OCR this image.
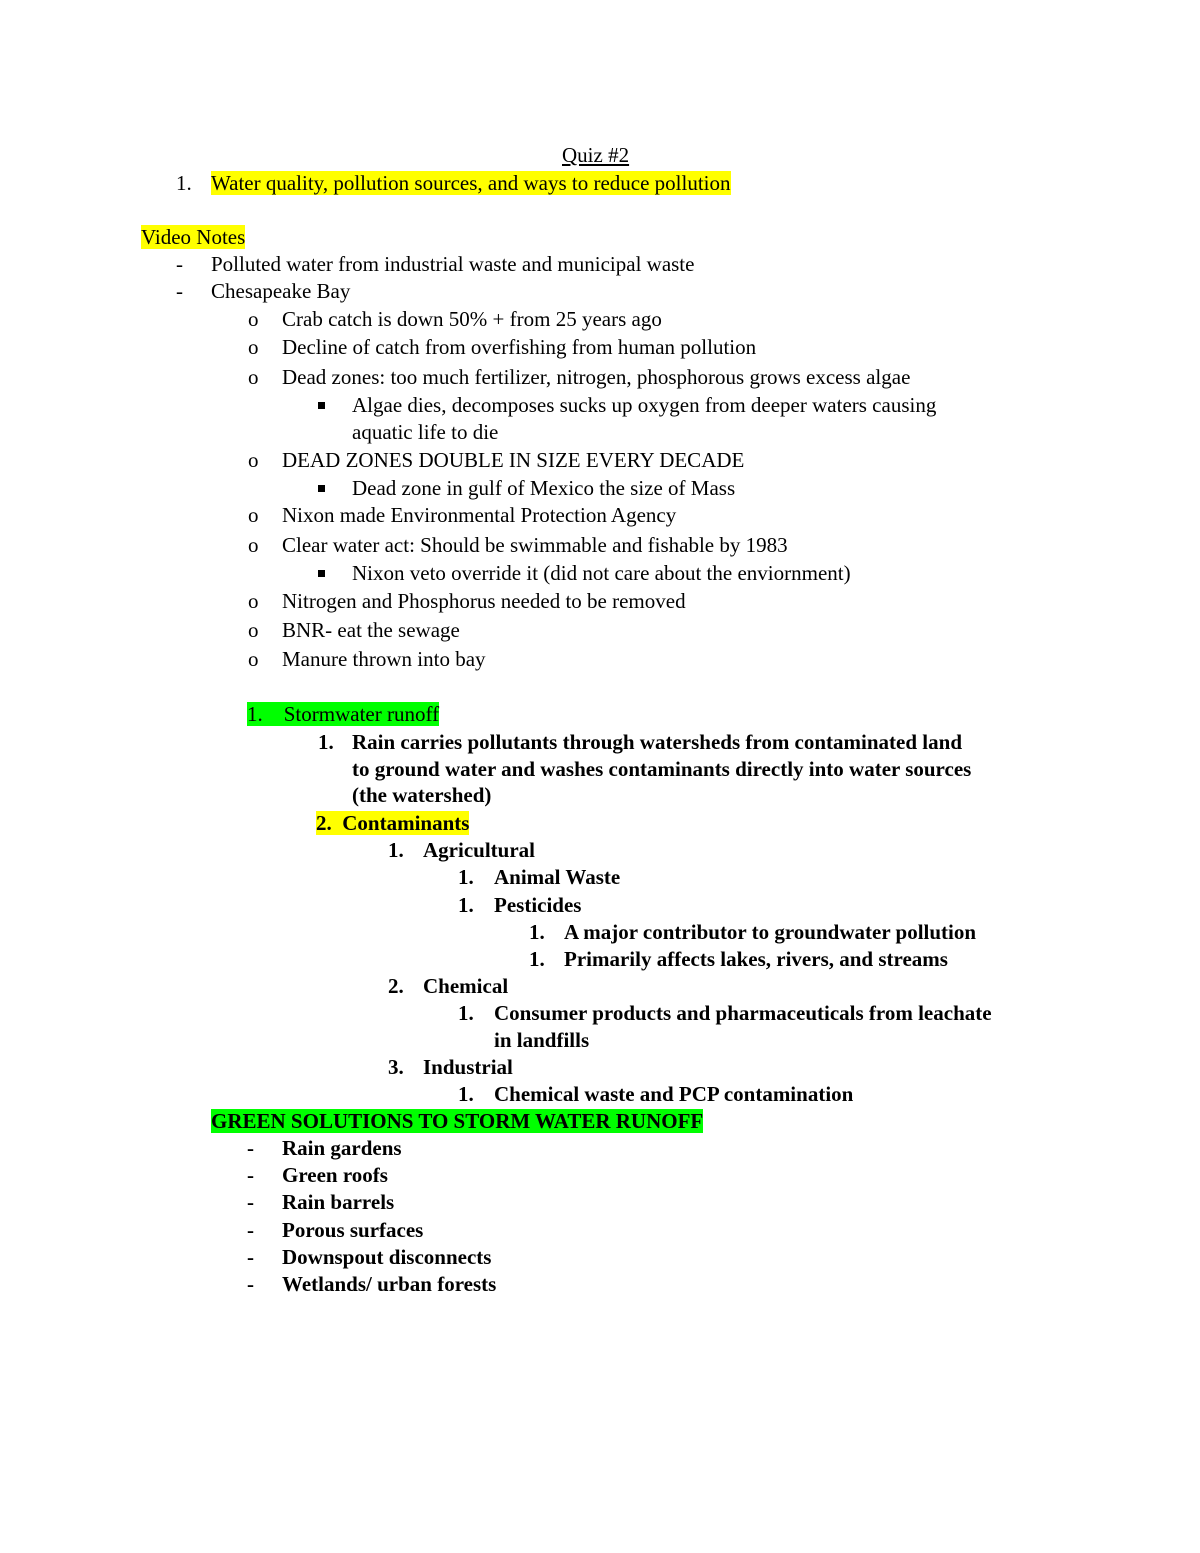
Quiz #2
1. Water quality, pollution sources, and ways to reduce pollution
Video Notes
- Polluted water from industrial waste and municipal waste
- Chesapeake Bay
o Crab catch is down 50% + from 25 years ago
o Decline of catch from overfishing from human pollution
o Dead zones: too much fertilizer, nitrogen, phosphorous grows excess algae
Algae dies, decomposes sucks up oxygen from deeper waters causing
aquatic life to die
o DEAD ZONES DOUBLE IN SIZE EVERY DECADE
Dead zone in gulf of Mexico the size of Mass
o Nixon made Environmental Protection Agency
o Clear water act: Should be swimmable and fishable by 1983
Nixon veto override it (did not care about the enviornment)
o Nitrogen and Phosphorus needed to be removed
o BNR- eat the sewage
o Manure thrown into bay
1. Stormwater runoff
1. Rain carries pollutants through watersheds from contaminated land
to ground water and washes contaminants directly into water sources
(the watershed)
2. Contaminants
1. Agricultural
1. Animal Waste
1. Pesticides
1. A major contributor to groundwater pollution
1. Primarily affects lakes, rivers, and streams
2. Chemical
1. Consumer products and pharmaceuticals from leachate
in landfills
3. Industrial
1. Chemical waste and PCP contamination
GREEN SOLUTIONS TO STORM WATER RUNOFF
- Rain gardens
- Green roofs
- Rain barrels
- Porous surfaces
- Downspout disconnects
- Wetlands/ urban forests
